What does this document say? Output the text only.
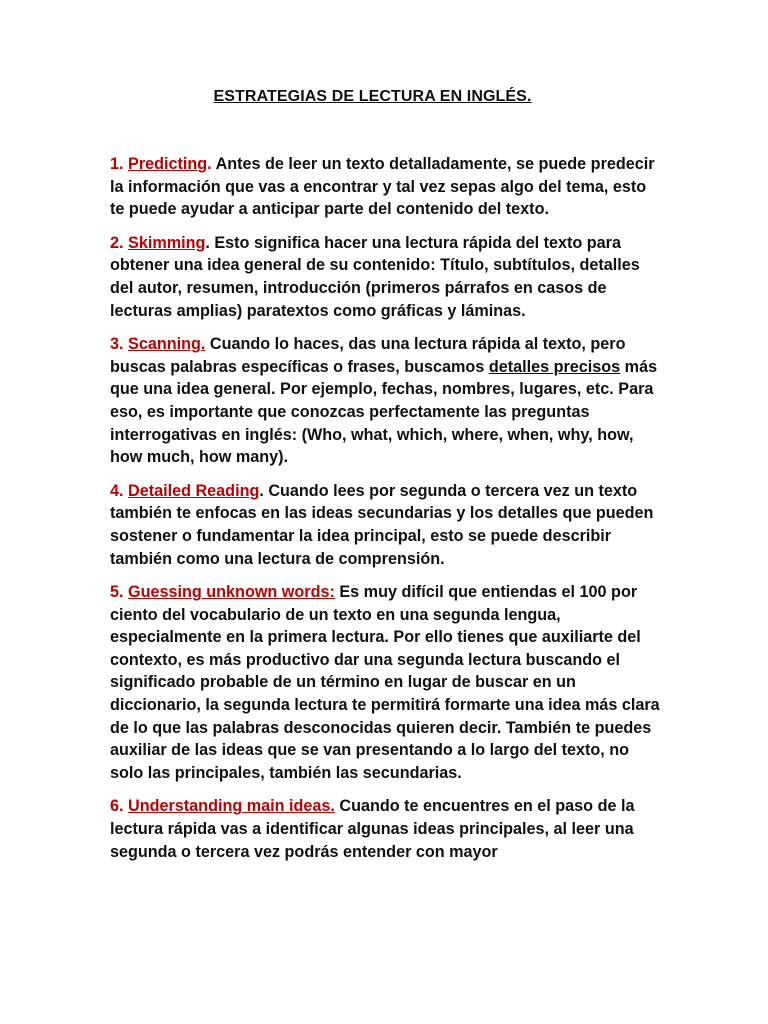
ESTRATEGIAS DE LECTURA EN INGLÉS.

1. Predicting. Antes de leer un texto detalladamente, se puede predecir la información que vas a encontrar y tal vez sepas algo del tema, esto te puede ayudar a anticipar parte del contenido del texto.

2. Skimming. Esto significa hacer una lectura rápida del texto para obtener una idea general de su contenido: Título, subtítulos, detalles del autor, resumen, introducción (primeros párrafos en casos de lecturas amplias) paratextos como gráficas y láminas.

3. Scanning. Cuando lo haces, das una lectura rápida al texto, pero buscas palabras específicas o frases, buscamos detalles precisos más que una idea general. Por ejemplo, fechas, nombres, lugares, etc. Para eso, es importante que conozcas perfectamente las preguntas interrogativas en inglés: (Who, what, which, where, when, why, how, how much, how many).

4. Detailed Reading. Cuando lees por segunda o tercera vez un texto también te enfocas en las ideas secundarias y los detalles que pueden sostener o fundamentar la idea principal, esto se puede describir también como una lectura de comprensión.

5. Guessing unknown words: Es muy difícil que entiendas el 100 por ciento del vocabulario de un texto en una segunda lengua, especialmente en la primera lectura. Por ello tienes que auxiliarte del contexto, es más productivo dar una segunda lectura buscando el significado probable de un término en lugar de buscar en un diccionario, la segunda lectura te permitirá formarte una idea más clara de lo que las palabras desconocidas quieren decir. También te puedes auxiliar de las ideas que se van presentando a lo largo del texto, no solo las principales, también las secundarias.

6. Understanding main ideas. Cuando te encuentres en el paso de la lectura rápida vas a identificar algunas ideas principales, al leer una segunda o tercera vez podrás entender con mayor
